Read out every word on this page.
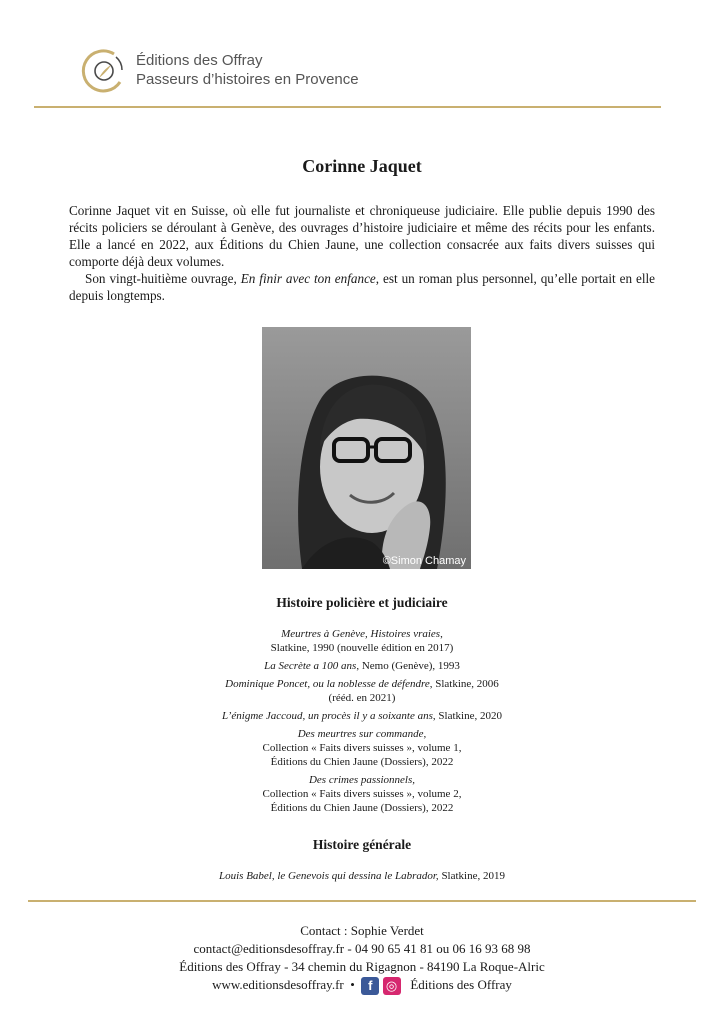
Éditions des Offray
Passeurs d’histoires en Provence
Corinne Jaquet

Corinne Jaquet vit en Suisse, où elle fut journaliste et chroniqueuse judiciaire. Elle publie depuis 1990 des récits policiers se déroulant à Genève, des ouvrages d’histoire judiciaire et même des récits pour les enfants. Elle a lancé en 2022, aux Éditions du Chien Jaune, une collection consacrée aux faits divers suisses qui comporte déjà deux volumes.

Son vingt-huitième ouvrage, En finir avec ton enfance, est un roman plus personnel, qu’elle portait en elle depuis longtemps.

©Simon Chamay
Histoire policière et judiciaire
Meurtres à Genève, Histoires vraies,
Slatkine, 1990 (nouvelle édition en 2017)
La Secrète a 100 ans, Nemo (Genève), 1993
Dominique Poncet, ou la noblesse de défendre, Slatkine, 2006
(rééd. en 2021)
L’énigme Jaccoud, un procès il y a soixante ans, Slatkine, 2020
Des meurtres sur commande,
Collection « Faits divers suisses », volume 1,
Éditions du Chien Jaune (Dossiers), 2022
Des crimes passionnels,
Collection « Faits divers suisses », volume 2,
Éditions du Chien Jaune (Dossiers), 2022
Histoire générale
Louis Babel, le Genevois qui dessina le Labrador, Slatkine, 2019
Contact : Sophie Verdet
contact@editionsdesoffray.fr - 04 90 65 41 81 ou 06 16 93 68 98
Éditions des Offray - 34 chemin du Rigagnon - 84190 La Roque-Alric
www.editionsdesoffray.fr • f ◎ Éditions des Offray
